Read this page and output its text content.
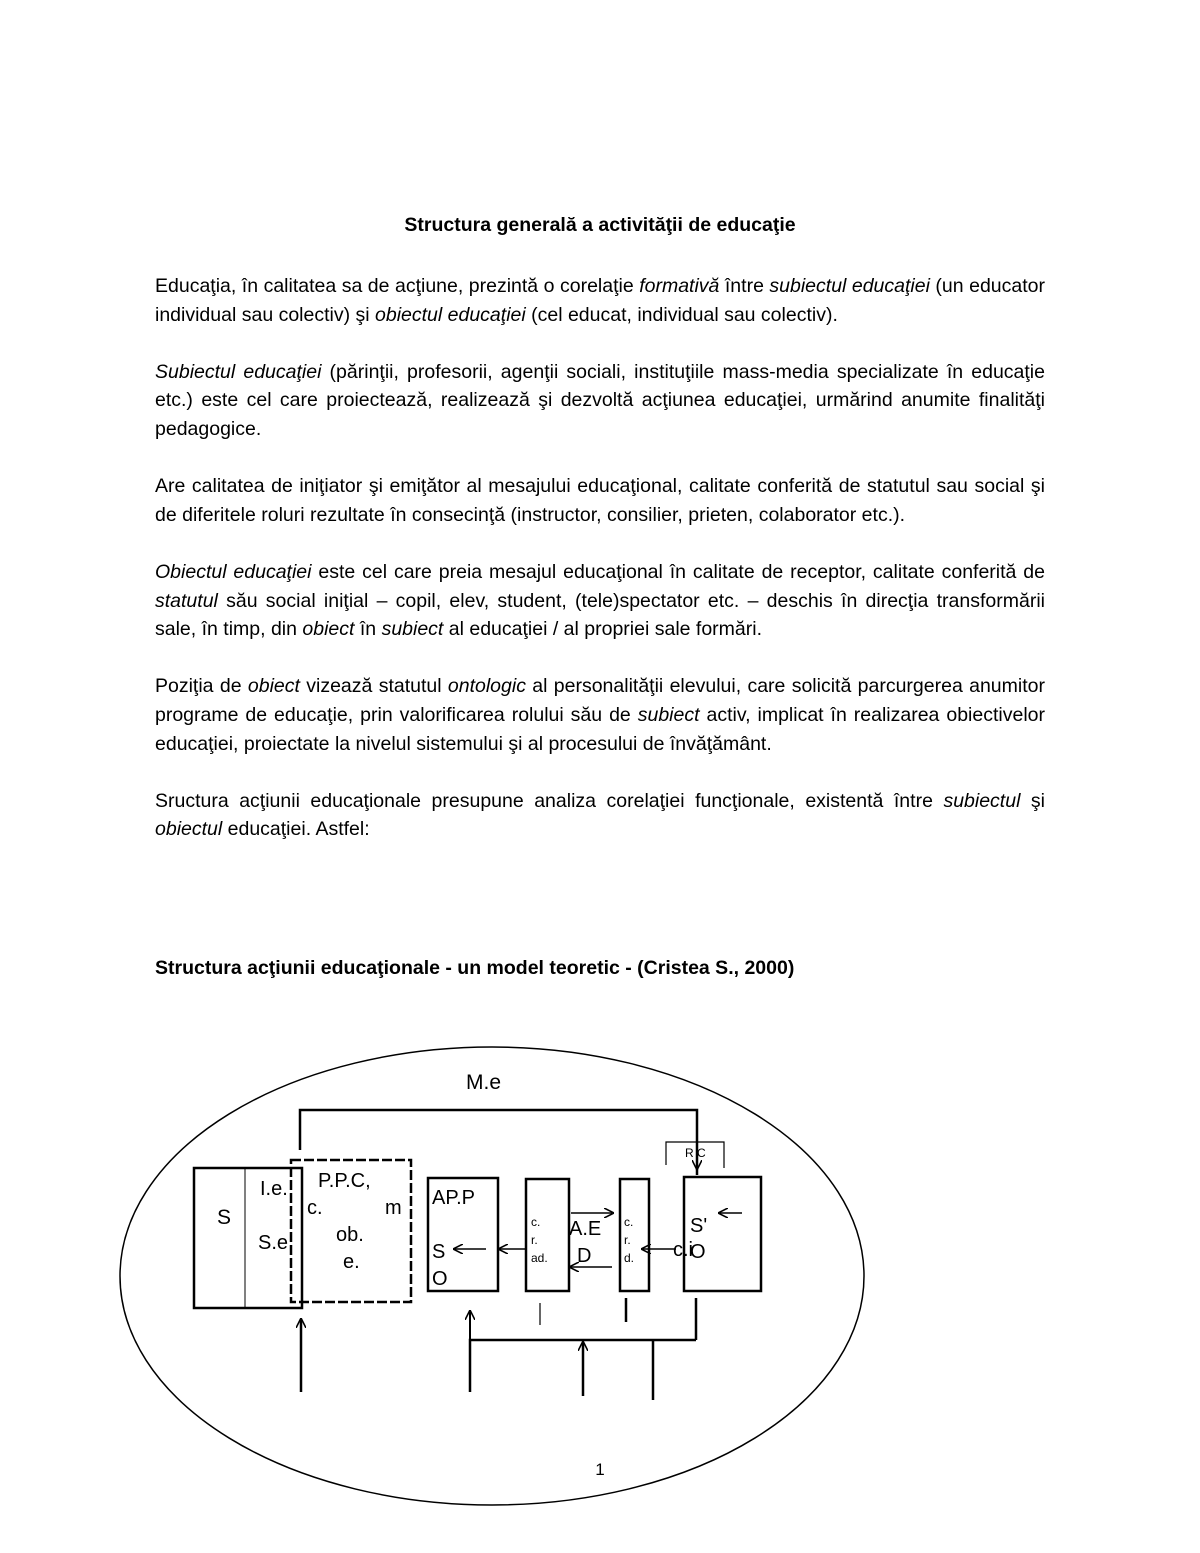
Structura generală a activităţii de educaţie

Educaţia, în calitatea sa de acţiune, prezintă o corelaţie formativă între subiectul educaţiei (un educator individual sau colectiv) şi obiectul educaţiei (cel educat, individual sau colectiv).

Subiectul educaţiei (părinţii, profesorii, agenţii sociali, instituţiile mass-media specializate în educaţie etc.) este cel care proiectează, realizează şi dezvoltă acţiunea educaţiei, urmărind anumite finalităţi pedagogice.

Are calitatea de iniţiator şi emiţător al mesajului educaţional, calitate conferită de statutul sau social şi de diferitele roluri rezultate în consecinţă (instructor, consilier, prieten, colaborator etc.).

Obiectul educaţiei este cel care preia mesajul educaţional în calitate de receptor, calitate conferită de statutul său social iniţial – copil, elev, student, (tele)spectator etc. – deschis în direcţia transformării sale, în timp, din obiect în subiect al educaţiei / al propriei sale formări.

Poziţia de obiect vizează statutul ontologic al personalităţii elevului, care solicită parcurgerea anumitor programe de educaţie, prin valorificarea rolului său de subiect activ, implicat în realizarea obiectivelor educaţiei, proiectate la nivelul sistemului şi al procesului de învăţământ.

Sructura acţiunii educaţionale presupune analiza corelaţiei funcţionale, existentă între subiectul şi obiectul educaţiei. Astfel:

Structura acţiunii educaţionale - un model teoretic - (Cristea S., 2000)
M.e
R C
S
I.e.
S.e
P.P.C,
c.	m
ob.
e.
AP.P
S
O
c.
r.
ad.
A.E
D
c.
r.
d. c.i
S'
O
1
